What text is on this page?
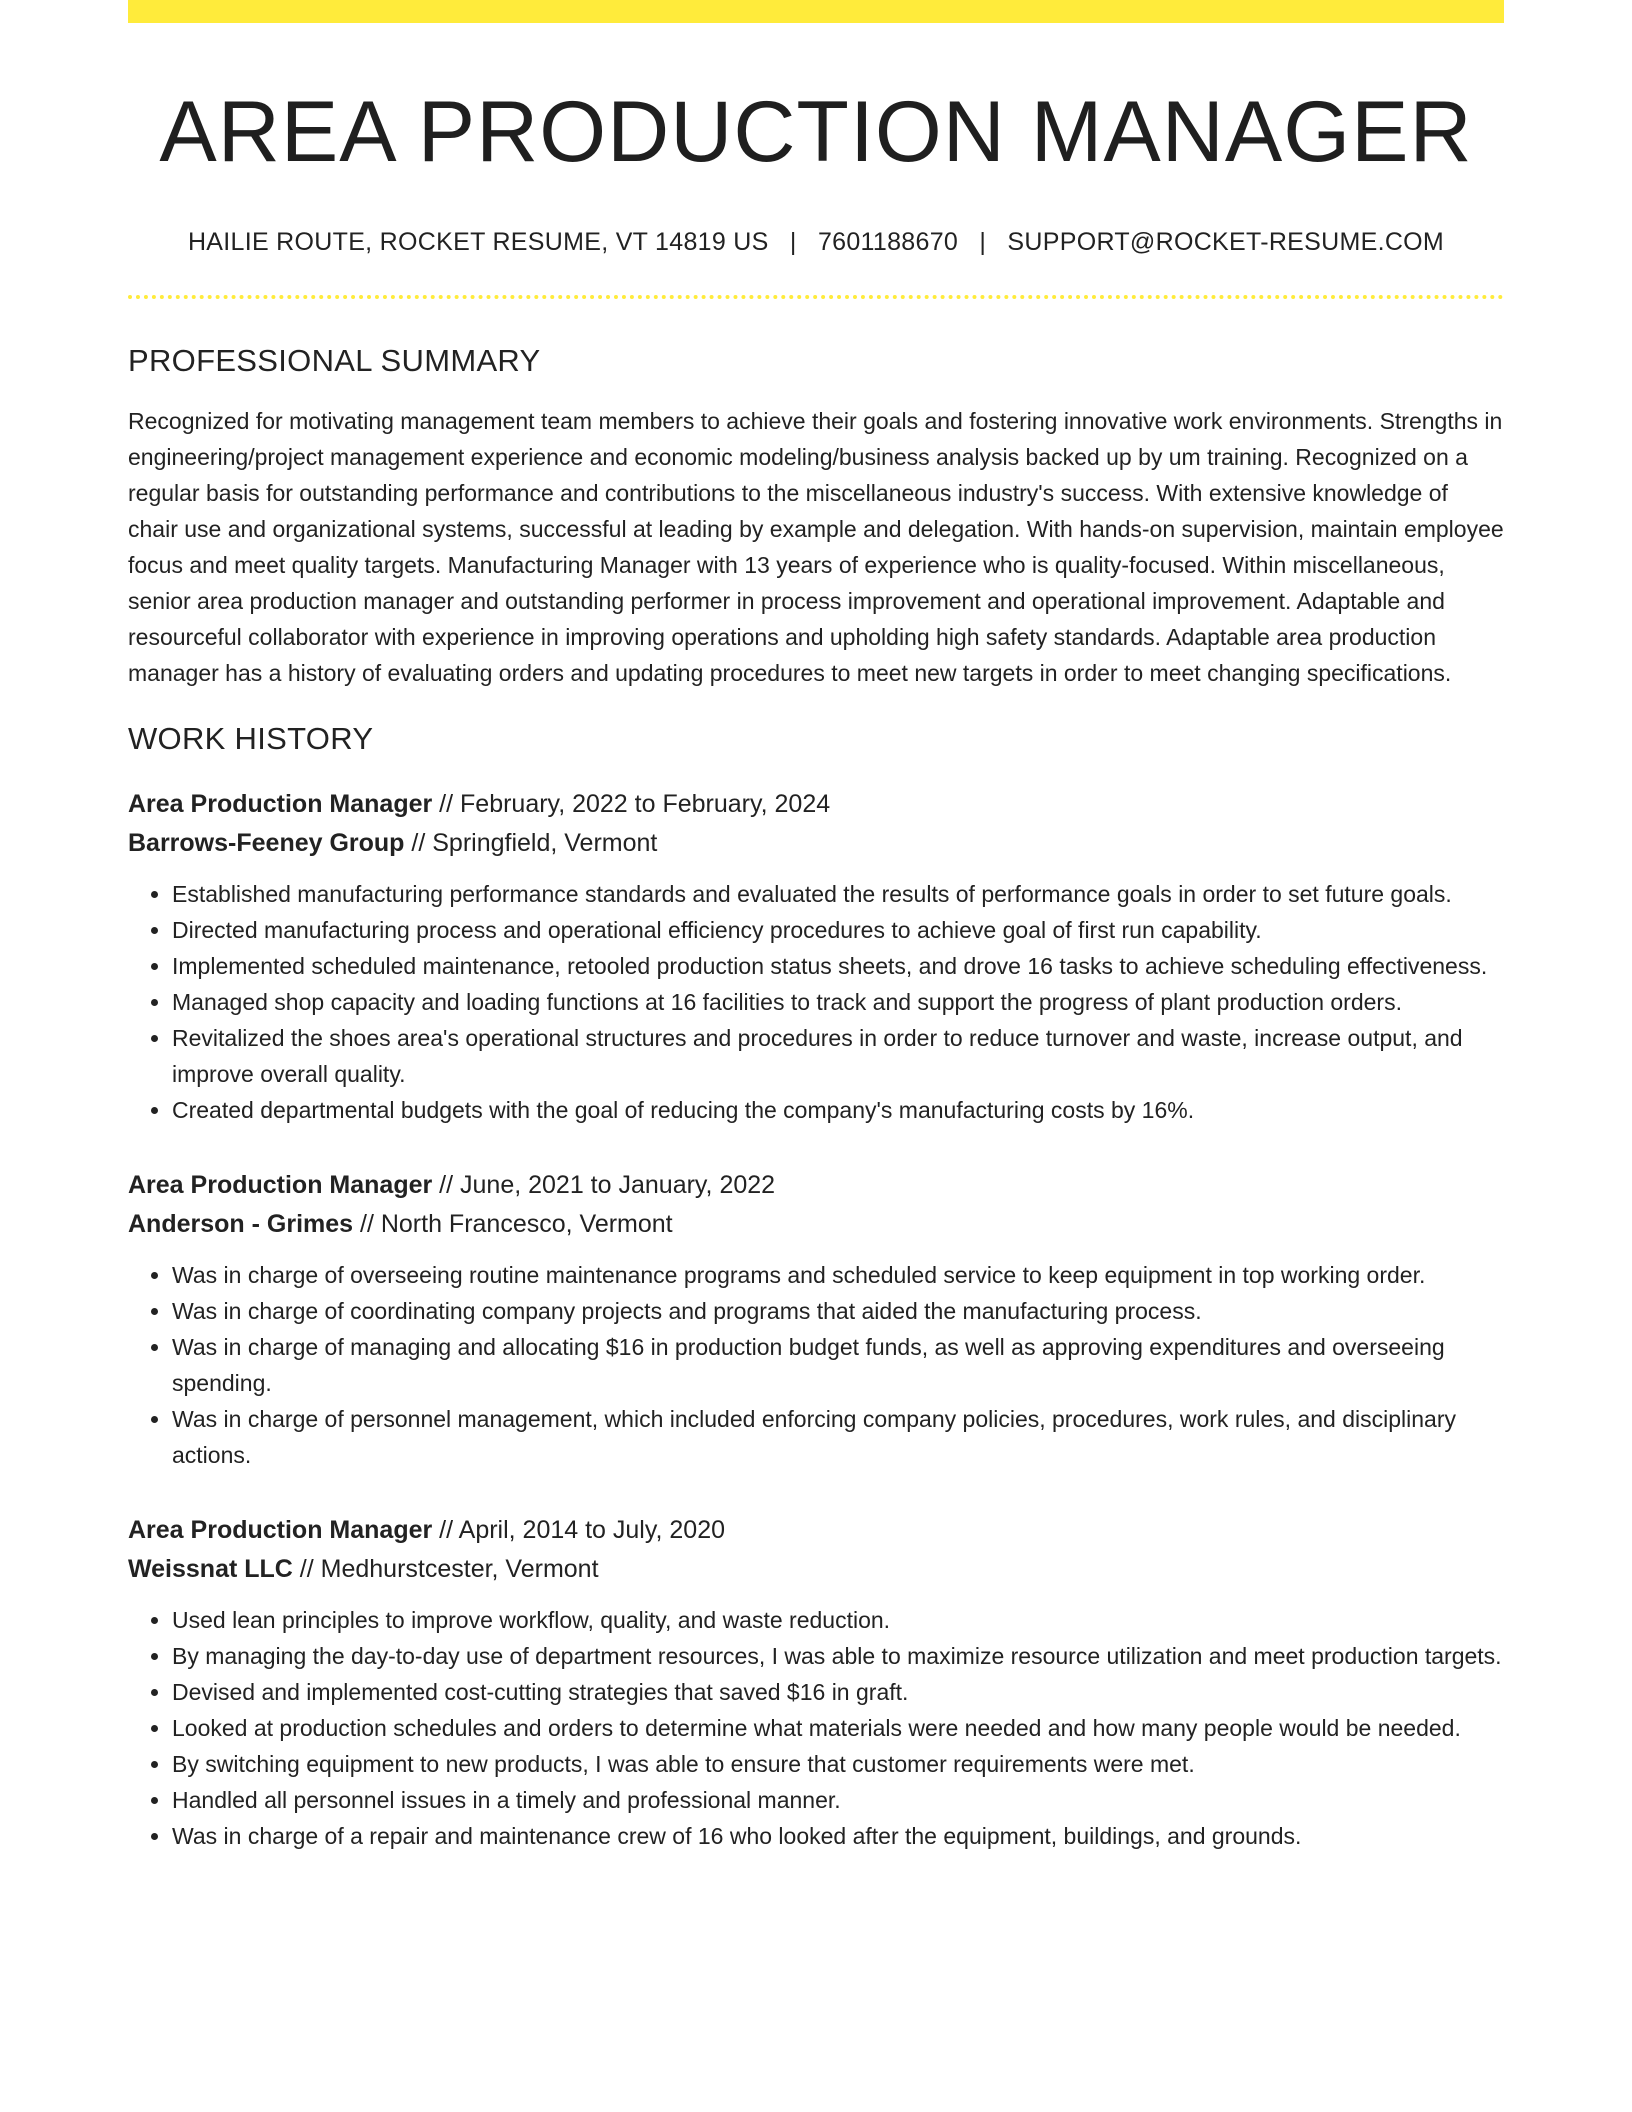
AREA PRODUCTION MANAGER
HAILIE ROUTE, ROCKET RESUME, VT 14819 US | 7601188670 | SUPPORT@ROCKET-RESUME.COM
PROFESSIONAL SUMMARY

Recognized for motivating management team members to achieve their goals and fostering innovative work environments. Strengths in engineering/project management experience and economic modeling/business analysis backed up by um training. Recognized on a regular basis for outstanding performance and contributions to the miscellaneous industry's success. With extensive knowledge of chair use and organizational systems, successful at leading by example and delegation. With hands-on supervision, maintain employee focus and meet quality targets. Manufacturing Manager with 13 years of experience who is quality-focused. Within miscellaneous, senior area production manager and outstanding performer in process improvement and operational improvement. Adaptable and resourceful collaborator with experience in improving operations and upholding high safety standards. Adaptable area production manager has a history of evaluating orders and updating procedures to meet new targets in order to meet changing specifications.

WORK HISTORY
Area Production Manager // February, 2022 to February, 2024
Barrows-Feeney Group // Springfield, Vermont
• Established manufacturing performance standards and evaluated the results of performance goals in order to set future goals.
• Directed manufacturing process and operational efficiency procedures to achieve goal of first run capability.
• Implemented scheduled maintenance, retooled production status sheets, and drove 16 tasks to achieve scheduling effectiveness.
• Managed shop capacity and loading functions at 16 facilities to track and support the progress of plant production orders.
• Revitalized the shoes area's operational structures and procedures in order to reduce turnover and waste, increase output, and improve overall quality.
• Created departmental budgets with the goal of reducing the company's manufacturing costs by 16%.
Area Production Manager // June, 2021 to January, 2022
Anderson - Grimes // North Francesco, Vermont
• Was in charge of overseeing routine maintenance programs and scheduled service to keep equipment in top working order.
• Was in charge of coordinating company projects and programs that aided the manufacturing process.
• Was in charge of managing and allocating $16 in production budget funds, as well as approving expenditures and overseeing spending.
• Was in charge of personnel management, which included enforcing company policies, procedures, work rules, and disciplinary actions.
Area Production Manager // April, 2014 to July, 2020
Weissnat LLC // Medhurstcester, Vermont
• Used lean principles to improve workflow, quality, and waste reduction.
• By managing the day-to-day use of department resources, I was able to maximize resource utilization and meet production targets.
• Devised and implemented cost-cutting strategies that saved $16 in graft.
• Looked at production schedules and orders to determine what materials were needed and how many people would be needed.
• By switching equipment to new products, I was able to ensure that customer requirements were met.
• Handled all personnel issues in a timely and professional manner.
• Was in charge of a repair and maintenance crew of 16 who looked after the equipment, buildings, and grounds.
